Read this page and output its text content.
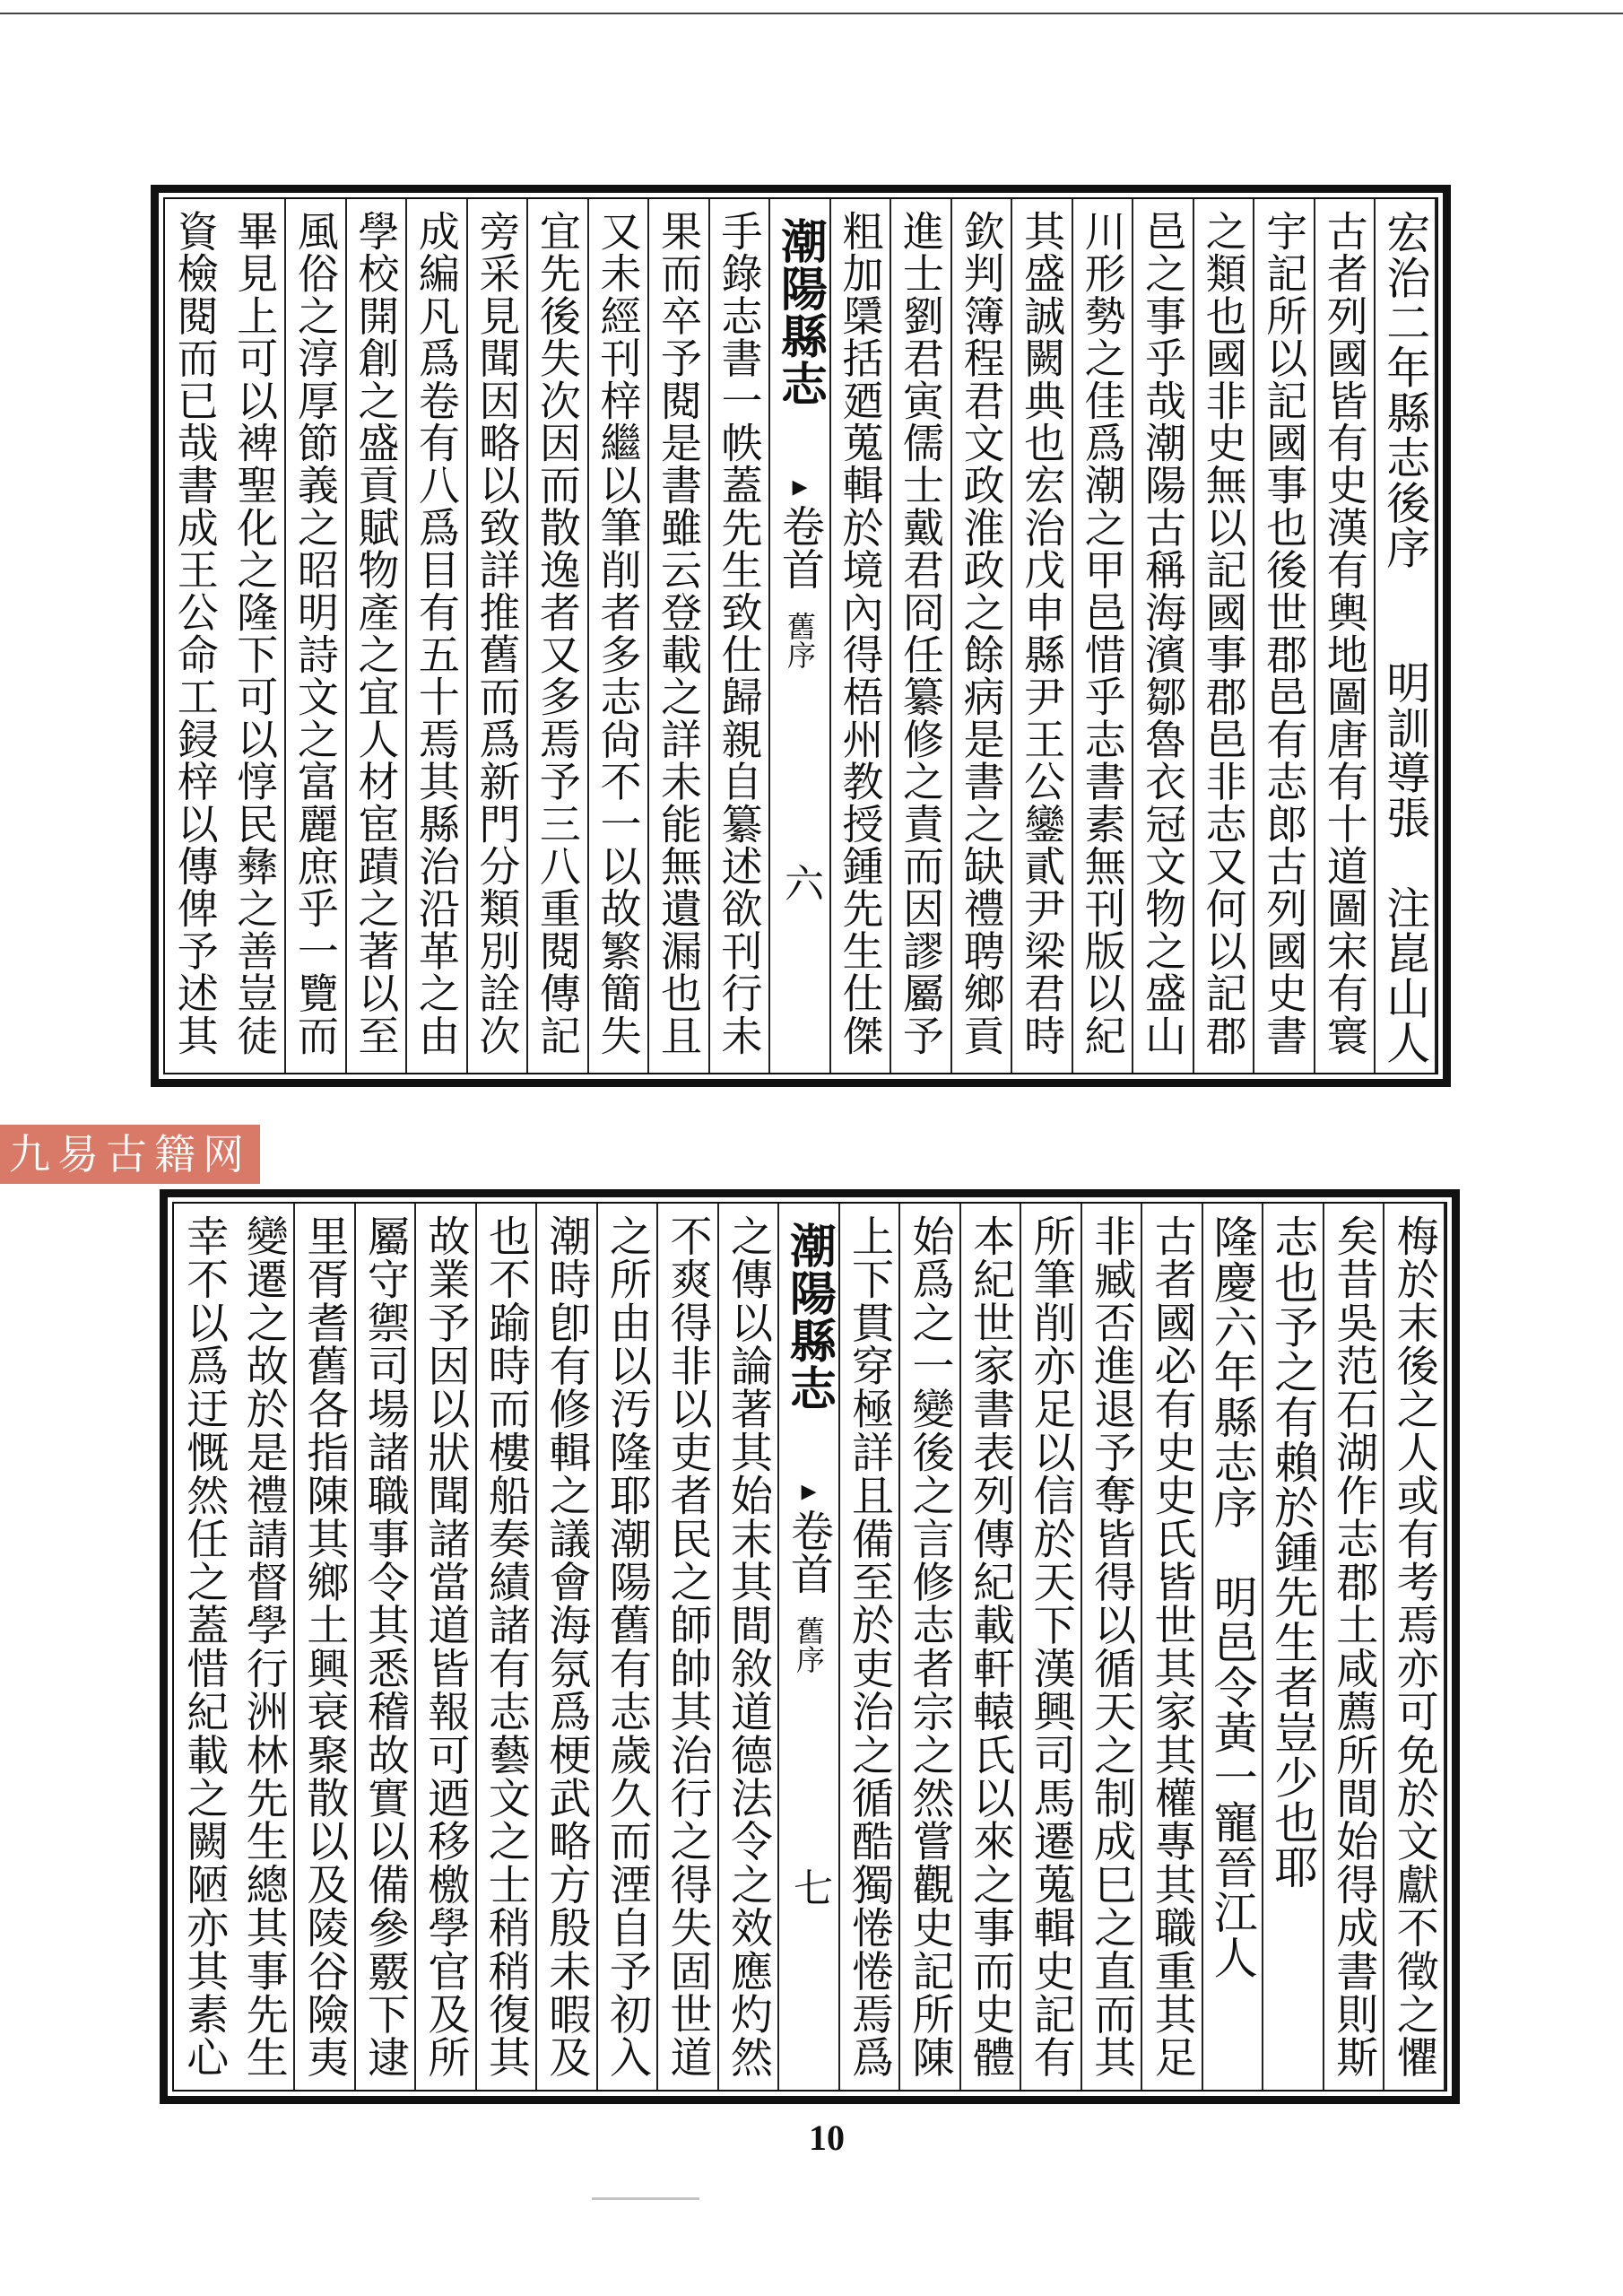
宏治二年縣志後序　　明訓導張　注崑山人
古者列國皆有史漢有輿地圖唐有十道圖宋有寰
宇記所以記國事也後世郡邑有志郎古列國史書
之類也國非史無以記國事郡邑非志又何以記郡
邑之事乎哉潮陽古稱海濱鄒魯衣冠文物之盛山
川形勢之佳爲潮之甲邑惜乎志書素無刊版以紀
其盛誠闕典也宏治戊申縣尹王公鑾貳尹梁君時
欽判簿程君文政淮政之餘病是書之缺禮聘鄉貢
進士劉君寅儒士戴君冏任纂修之責而因謬屬予
粗加檃括廼蒐輯於境內得梧州教授鍾先生仕傑
潮陽縣志
▸
卷首
舊序
六
手錄志書一帙蓋先生致仕歸親自纂述欲刊行未
果而卒予閱是書雖云登載之詳未能無遺漏也且
又未經刊梓繼以筆削者多志尙不一以故繁簡失
宜先後失次因而散逸者又多焉予三八重閱傳記
旁采見聞因略以致詳推舊而爲新門分類別詮次
成編凡爲卷有八爲目有五十焉其縣治沿革之由
學校開創之盛貢賦物產之宜人材宦蹟之著以至
風俗之淳厚節義之昭明詩文之富麗庶乎一覽而
畢見上可以裨聖化之隆下可以惇民彝之善豈徒
資檢閱而已哉書成王公命工鋟梓以傳俾予述其
九易古籍网
梅於末後之人或有考焉亦可免於文獻不徵之懼
矣昔吳范石湖作志郡土咸薦所間始得成書則斯
志也予之有賴於鍾先生者豈少也耶
隆慶六年縣志序　明邑令黃一寵晉江人
古者國必有史史氏皆世其家其權專其職重其足
非臧否進退予奪皆得以循天之制成巳之直而其
所筆削亦足以信於天下漢興司馬遷蒐輯史記有
本紀世家書表列傳紀載軒轅氏以來之事而史體
始爲之一變後之言修志者宗之然嘗觀史記所陳
上下貫穿極詳且備至於吏治之循酷獨惓惓焉爲
潮陽縣志
▸
卷首
舊序
七
之傳以論著其始末其間敘道德法令之效應灼然
不爽得非以吏者民之師帥其治行之得失固世道
之所由以汚隆耶潮陽舊有志歲久而湮自予初入
潮時卽有修輯之議會海氛爲梗武略方殷未暇及
也不踰時而樓船奏績諸有志藝文之士稍稍復其
故業予因以狀聞諸當道皆報可迺移檄學官及所
屬守禦司場諸職事令其悉稽故實以備參覈下逮
里胥耆舊各指陳其鄉土興衰聚散以及陵谷險夷
變遷之故於是禮請督學行洲林先生總其事先生
幸不以爲迂慨然任之蓋惜紀載之闕陋亦其素心
10
